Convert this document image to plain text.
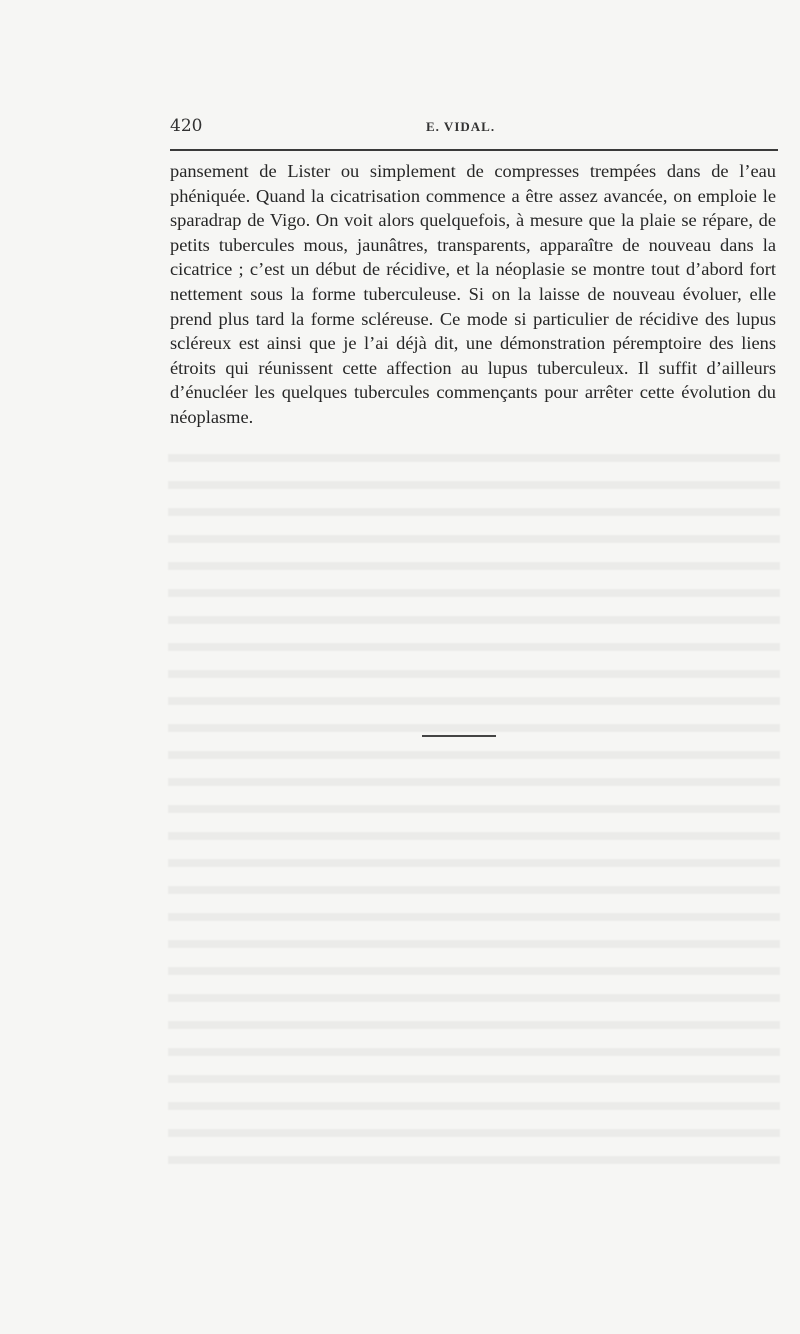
420	E. VIDAL.

pansement de Lister ou simplement de compresses trempées dans de l’eau phéniquée. Quand la cicatrisation commence a être assez avancée, on emploie le sparadrap de Vigo. On voit alors quelquefois, à mesure que la plaie se répare, de petits tubercules mous, jaunâtres, transparents, apparaître de nouveau dans la cicatrice ; c’est un début de récidive, et la néoplasie se montre tout d’abord fort nettement sous la forme tuberculeuse. Si on la laisse de nouveau évoluer, elle prend plus tard la forme scléreuse. Ce mode si particulier de récidive des lupus scléreux est ainsi que je l’ai déjà dit, une démonstration péremptoire des liens étroits qui réunissent cette affection au lupus tuberculeux. Il suffit d’ailleurs d’énucléer les quelques tubercules commençants pour arrêter cette évolution du néoplasme.
